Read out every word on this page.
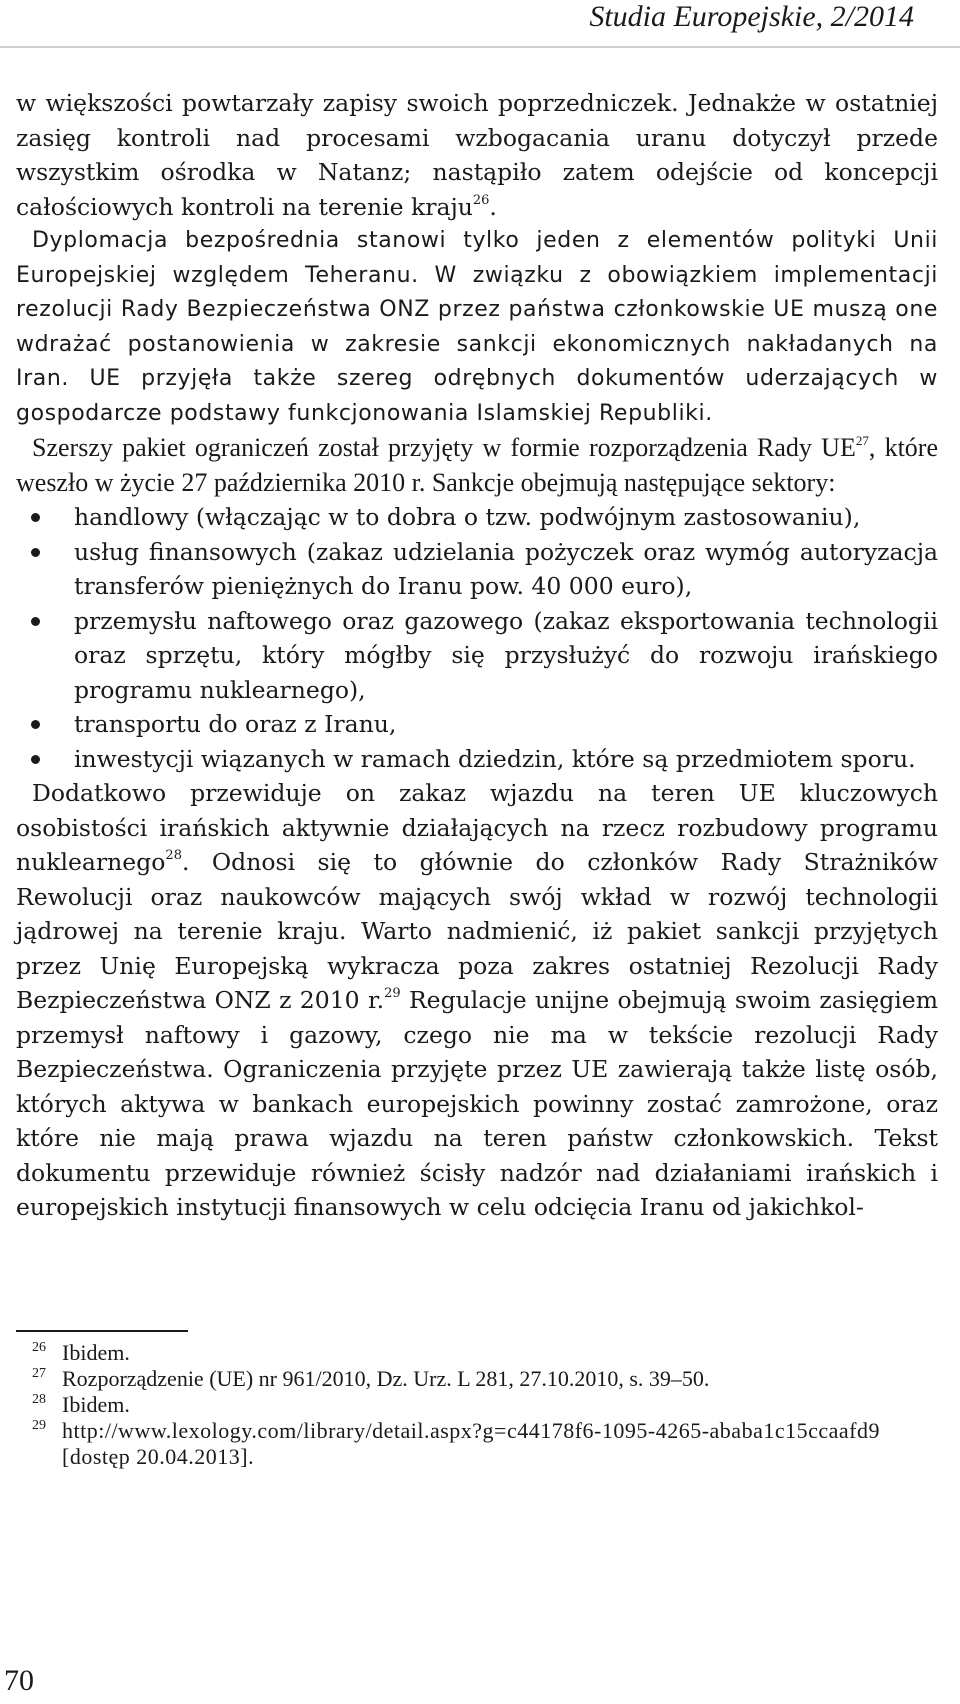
Studia Europejskie, 2/2014

w większości powtarzały zapisy swoich poprzedniczek. Jednakże w ostatniej zasięg kontroli nad procesami wzbogacania uranu dotyczył przede wszystkim ośrodka w Natanz; nastąpiło zatem odejście od koncepcji całościowych kontroli na terenie kraju$^{26}$.

Dyplomacja bezpośrednia stanowi tylko jeden z elementów polityki Unii Europejskiej względem Teheranu. W związku z obowiązkiem implementacji rezolucji Rady Bezpieczeństwa ONZ przez państwa członkowskie UE muszą one wdrażać postanowienia w zakresie sankcji ekonomicznych nakładanych na Iran. UE przyjęła także szereg odrębnych dokumentów uderzających w gospodarcze podstawy funkcjonowania Islamskiej Republiki.

Szerszy pakiet ograniczeń został przyjęty w formie rozporządzenia Rady UE$^{27}$, które weszło w życie 27 października 2010 r. Sankcje obejmują następujące sektory:

handlowy (włączając w to dobra o tzw. podwójnym zastosowaniu),
usług finansowych (zakaz udzielania pożyczek oraz wymóg autoryzacja transferów pieniężnych do Iranu pow. 40 000 euro),
przemysłu naftowego oraz gazowego (zakaz eksportowania technologii oraz sprzętu, który mógłby się przysłużyć do rozwoju irańskiego programu nuklearnego),
transportu do oraz z Iranu,
inwestycji wiązanych w ramach dziedzin, które są przedmiotem sporu.

Dodatkowo przewiduje on zakaz wjazdu na teren UE kluczowych osobistości irańskich aktywnie działających na rzecz rozbudowy programu nuklearnego$^{28}$. Odnosi się to głównie do członków Rady Strażników Rewolucji oraz naukowców mających swój wkład w rozwój technologii jądrowej na terenie kraju. Warto nadmienić, iż pakiet sankcji przyjętych przez Unię Europejską wykracza poza zakres ostatniej Rezolucji Rady Bezpieczeństwa ONZ z 2010 r.$^{29}$ Regulacje unijne obejmują swoim zasięgiem przemysł naftowy i gazowy, czego nie ma w tekście rezolucji Rady Bezpieczeństwa. Ograniczenia przyjęte przez UE zawierają także listę osób, których aktywa w bankach europejskich powinny zostać zamrożone, oraz które nie mają prawa wjazdu na teren państw członkowskich. Tekst dokumentu przewiduje również ścisły nadzór nad działaniami irańskich i europejskich instytucji finansowych w celu odcięcia Iranu od jakichkol-

26 Ibidem.

27 Rozporządzenie (UE) nr 961/2010, Dz. Urz. L 281, 27.10.2010, s. 39–50.

28 Ibidem.

29 http://www.lexology.com/library/detail.aspx?g=c44178f6-1095-4265-ababa1c15ccaafd9 [dostęp 20.04.2013].

70
